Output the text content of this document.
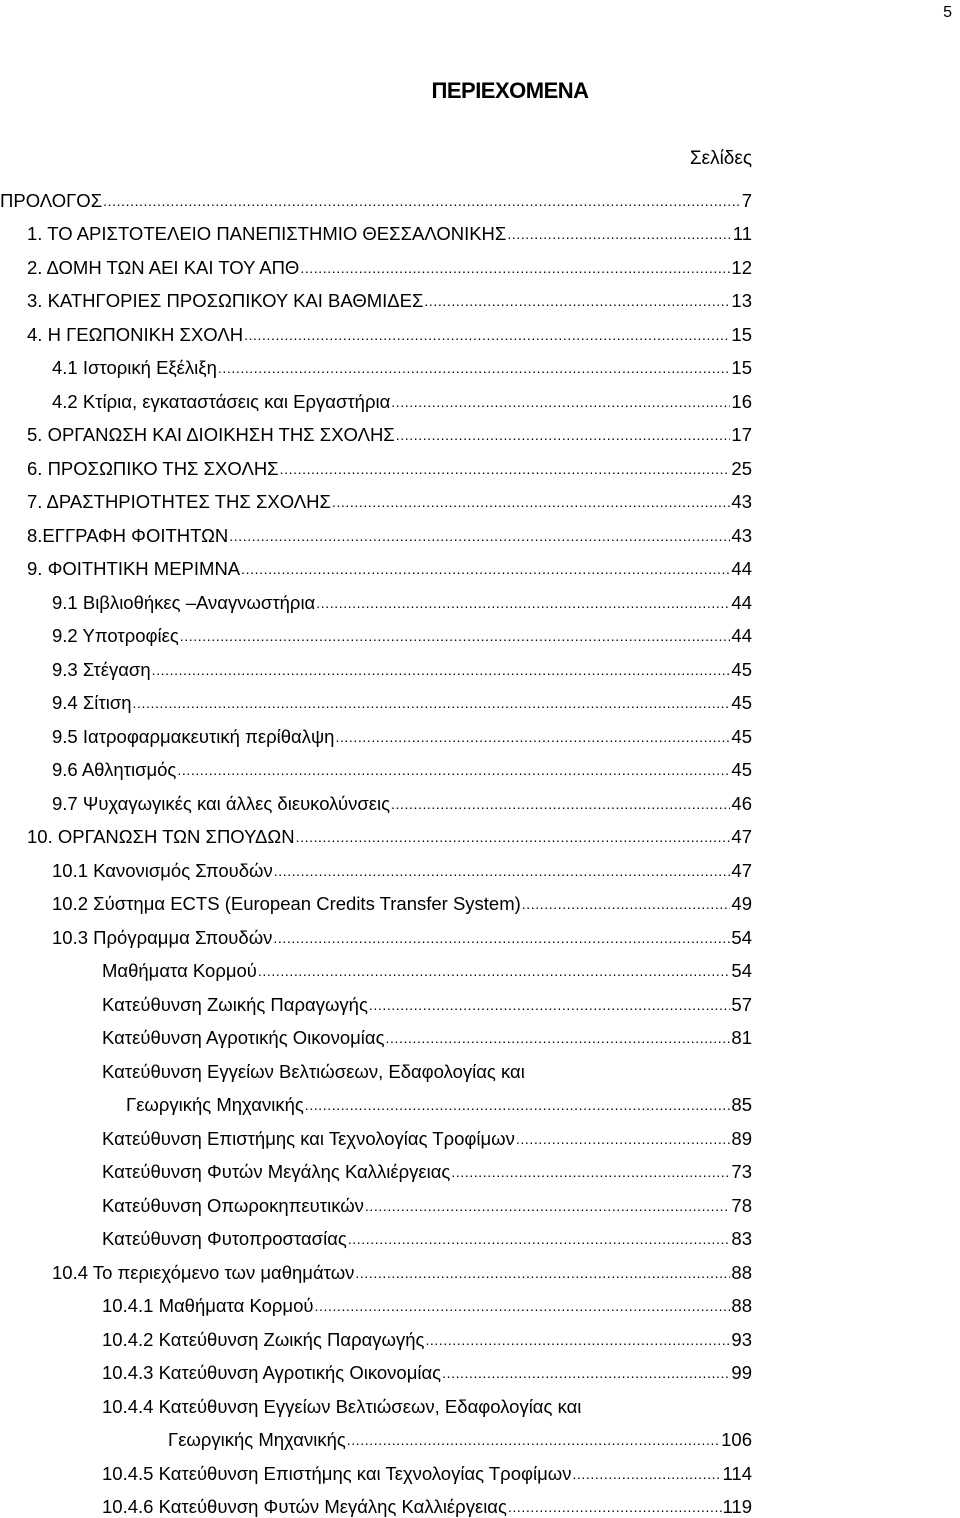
5
ΠΕΡΙΕΧΟΜΕΝΑ
Σελίδες
ΠΡΟΛΟΓΟΣ .....	7
1. ΤΟ ΑΡΙΣΤΟΤΕΛΕΙΟ ΠΑΝΕΠΙΣΤΗΜΙΟ ΘΕΣΣΑΛΟΝΙΚΗΣ .....	11
2. ΔΟΜΗ ΤΩΝ ΑΕΙ ΚΑΙ ΤΟΥ ΑΠΘ .....	12
3. ΚΑΤΗΓΟΡΙΕΣ ΠΡΟΣΩΠΙΚΟΥ ΚΑΙ ΒΑΘΜΙΔΕΣ .....	13
4. Η ΓΕΩΠΟΝΙΚΗ ΣΧΟΛΗ .....	15
4.1 Ιστορική Εξέλιξη .....	15
4.2 Κτίρια, εγκαταστάσεις και Εργαστήρια .....	16
5. ΟΡΓΑΝΩΣΗ ΚΑΙ ΔΙΟΙΚΗΣΗ ΤΗΣ ΣΧΟΛΗΣ .....	17
6. ΠΡΟΣΩΠΙΚΟ ΤΗΣ ΣΧΟΛΗΣ .....	25
7. ΔΡΑΣΤΗΡΙΟΤΗΤΕΣ ΤΗΣ ΣΧΟΛΗΣ .....	43
8.ΕΓΓΡΑΦΗ ΦΟΙΤΗΤΩΝ .....	43
9. ΦΟΙΤΗΤΙΚΗ ΜΕΡΙΜΝΑ .....	44
9.1 Βιβλιοθήκες –Αναγνωστήρια .....	44
9.2 Υποτροφίες .....	44
9.3 Στέγαση .....	45
9.4 Σίτιση .....	45
9.5 Ιατροφαρμακευτική περίθαλψη .....	45
9.6 Αθλητισμός .....	45
9.7 Ψυχαγωγικές και άλλες διευκολύνσεις .....	46
10. ΟΡΓΑΝΩΣΗ ΤΩΝ ΣΠΟΥΔΩΝ .....	47
10.1 Κανονισμός Σπουδών .....	47
10.2 Σύστημα ECTS (European Credits Transfer System) .....	49
10.3 Πρόγραμμα Σπουδών .....	54
Μαθήματα Κορμού .....	54
Κατεύθυνση Ζωικής Παραγωγής .....	57
Κατεύθυνση Αγροτικής Οικονομίας .....	81
Κατεύθυνση Εγγείων Βελτιώσεων, Εδαφολογίας και
Γεωργικής Μηχανικής .....	85
Κατεύθυνση Επιστήμης και Τεχνολογίας Τροφίμων .....	89
Κατεύθυνση Φυτών Μεγάλης Καλλιέργειας .....	73
Κατεύθυνση Οπωροκηπευτικών .....	78
Κατεύθυνση Φυτοπροστασίας .....	83
10.4 Το περιεχόμενο των μαθημάτων .....	88
10.4.1 Μαθήματα Κορμού .....	88
10.4.2 Κατεύθυνση Ζωικής Παραγωγής .....	93
10.4.3 Κατεύθυνση Αγροτικής Οικονομίας .....	99
10.4.4 Κατεύθυνση Εγγείων Βελτιώσεων, Εδαφολογίας και
Γεωργικής Μηχανικής .....	106
10.4.5 Κατεύθυνση Επιστήμης και Τεχνολογίας Τροφίμων .....	114
10.4.6 Κατεύθυνση Φυτών Μεγάλης Καλλιέργειας .....	119
